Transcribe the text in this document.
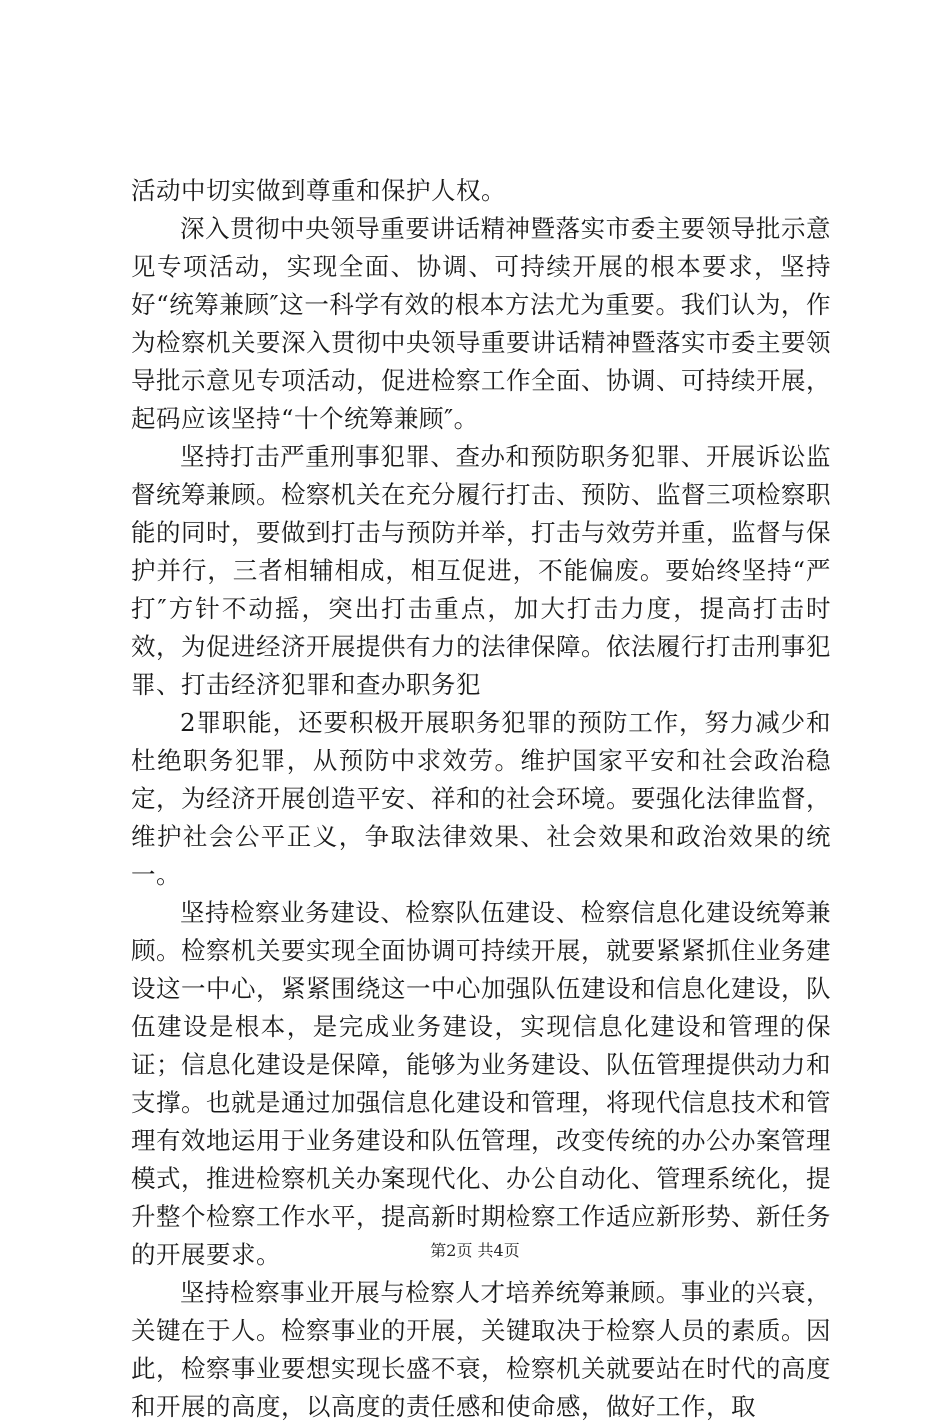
活动中切实做到尊重和保护人权。

深入贯彻中央领导重要讲话精神暨落实市委主要领导批示意见专项活动，实现全面、协调、可持续开展的根本要求，坚持好“统筹兼顾″这一科学有效的根本方法尤为重要。我们认为，作为检察机关要深入贯彻中央领导重要讲话精神暨落实市委主要领导批示意见专项活动，促进检察工作全面、协调、可持续开展，起码应该坚持“十个统筹兼顾″。

坚持打击严重刑事犯罪、查办和预防职务犯罪、开展诉讼监督统筹兼顾。检察机关在充分履行打击、预防、监督三项检察职能的同时，要做到打击与预防并举，打击与效劳并重，监督与保护并行，三者相辅相成，相互促进，不能偏废。要始终坚持“严打″方针不动摇，突出打击重点，加大打击力度，提高打击时效，为促进经济开展提供有力的法律保障。依法履行打击刑事犯罪、打击经济犯罪和查办职务犯

2罪职能，还要积极开展职务犯罪的预防工作，努力减少和杜绝职务犯罪，从预防中求效劳。维护国家平安和社会政治稳定，为经济开展创造平安、祥和的社会环境。要强化法律监督，维护社会公平正义，争取法律效果、社会效果和政治效果的统一。

坚持检察业务建设、检察队伍建设、检察信息化建设统筹兼顾。检察机关要实现全面协调可持续开展，就要紧紧抓住业务建设这一中心，紧紧围绕这一中心加强队伍建设和信息化建设，队伍建设是根本，是完成业务建设，实现信息化建设和管理的保证；信息化建设是保障，能够为业务建设、队伍管理提供动力和支撑。也就是通过加强信息化建设和管理，将现代信息技术和管理有效地运用于业务建设和队伍管理，改变传统的办公办案管理模式，推进检察机关办案现代化、办公自动化、管理系统化，提升整个检察工作水平，提高新时期检察工作适应新形势、新任务的开展要求。

坚持检察事业开展与检察人才培养统筹兼顾。事业的兴衰，关键在于人。检察事业的开展，关键取决于检察人员的素质。因此，检察事业要想实现长盛不衰，检察机关就要站在时代的高度和开展的高度，以高度的责任感和使命感，做好工作，取

第2页 共4页
